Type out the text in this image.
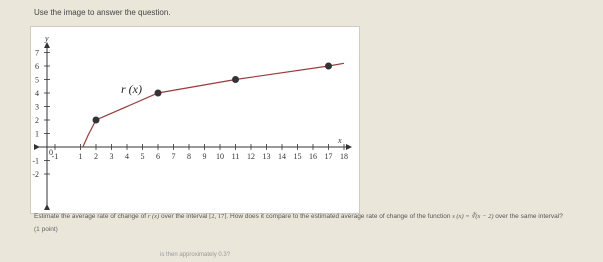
Use the image to answer the question.
y
x
7
6
5
4
3
2
1
-1
-2
0
-1	1 2 3 4 5 6 7 8 9 10 11 12 13 14 15 16 17 18
r (x)
Estimate the average rate of change of r (x) over the interval [2, 17]. How does it compare to the estimated average rate of change of the function s (x) = ∛(x − 2) over the same interval?
(1 point)
is then approximately 0.3?
